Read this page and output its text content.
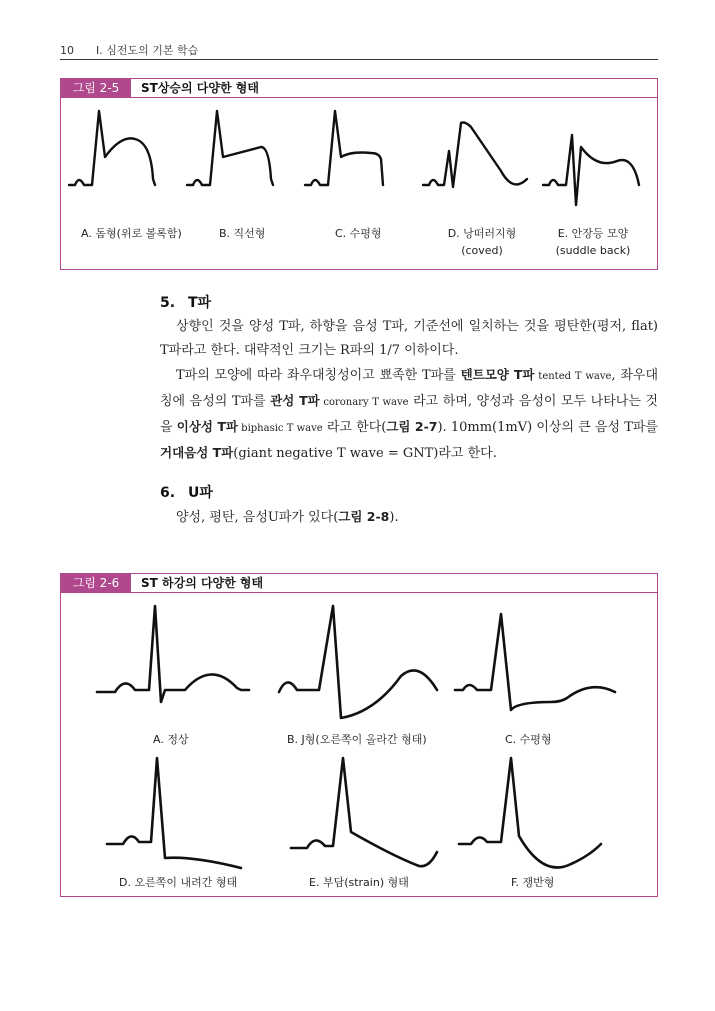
10 I. 심전도의 기본 학습
그림 2-5	ST상승의 다양한 형태
A. 돔형(위로 볼록함)	B. 직선형	C. 수평형	D. 낭떠러지형
(coved)
E. 안장등 모양
(suddle back)
5. T파

상향인 것을 양성 T파, 하향을 음성 T파, 기준선에 일치하는 것을 평탄한(평저, flat) T파라고 한다. 대략적인 크기는 R파의 1/7 이하이다.

T파의 모양에 따라 좌우대칭성이고 뾰족한 T파를 텐트모양 T파 tented T wave, 좌우대칭에 음성의 T파를 관성 T파 coronary T wave 라고 하며, 양성과 음성이 모두 나타나는 것을 이상성 T파 biphasic T wave 라고 한다(그림 2-7). 10mm(1mV) 이상의 큰 음성 T파를 거대음성 T파(giant negative T wave = GNT)라고 한다.

6. U파

양성, 평탄, 음성U파가 있다(그림 2-8).

그림 2-6	ST 하강의 다양한 형태
A. 정상	B. J형(오른쪽이 올라간 형태)	C. 수평형
D. 오른쪽이 내려간 형태	E. 부담(strain) 형태	F. 쟁반형
